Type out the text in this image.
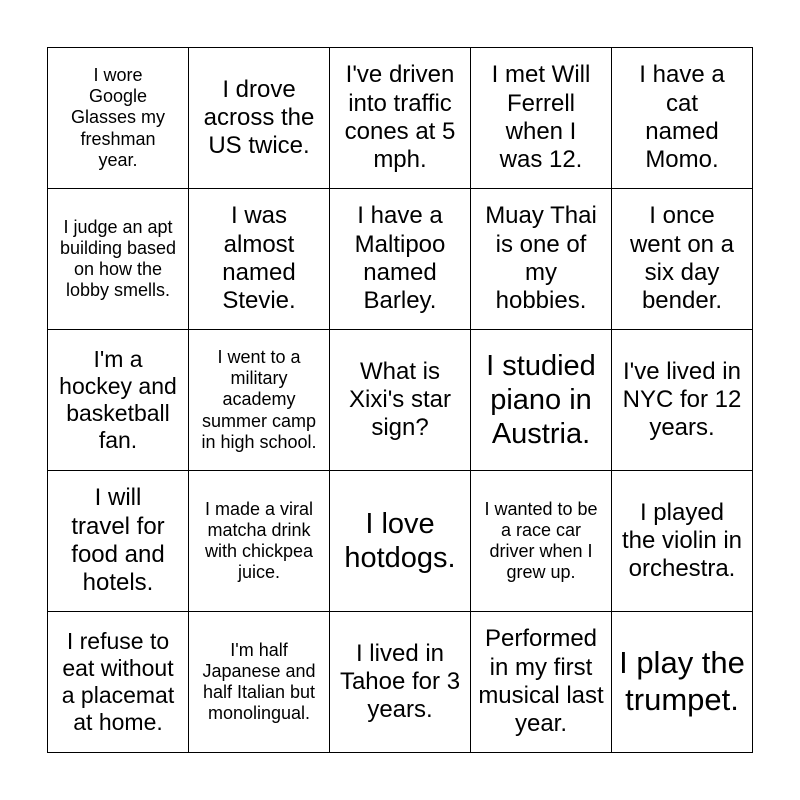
I wore Google Glasses my freshman year.
I drove across the US twice.
I've driven into traffic cones at 5 mph.
I met Will Ferrell when I was 12.
I have a cat named Momo.
I judge an apt building based on how the lobby smells.
I was almost named Stevie.
I have a Maltipoo named Barley.
Muay Thai is one of my hobbies.
I once went on a six day bender.
I'm a hockey and basketball fan.
I went to a military academy summer camp in high school.
What is Xixi's star sign?
I studied piano in Austria.
I've lived in NYC for 12 years.
I will travel for food and hotels.
I made a viral matcha drink with chickpea juice.
I love hotdogs.
I wanted to be a race car driver when I grew up.
I played the violin in orchestra.
I refuse to eat without a placemat at home.
I'm half Japanese and half Italian but monolingual.
I lived in Tahoe for 3 years.
Performed in my first musical last year.
I play the trumpet.
